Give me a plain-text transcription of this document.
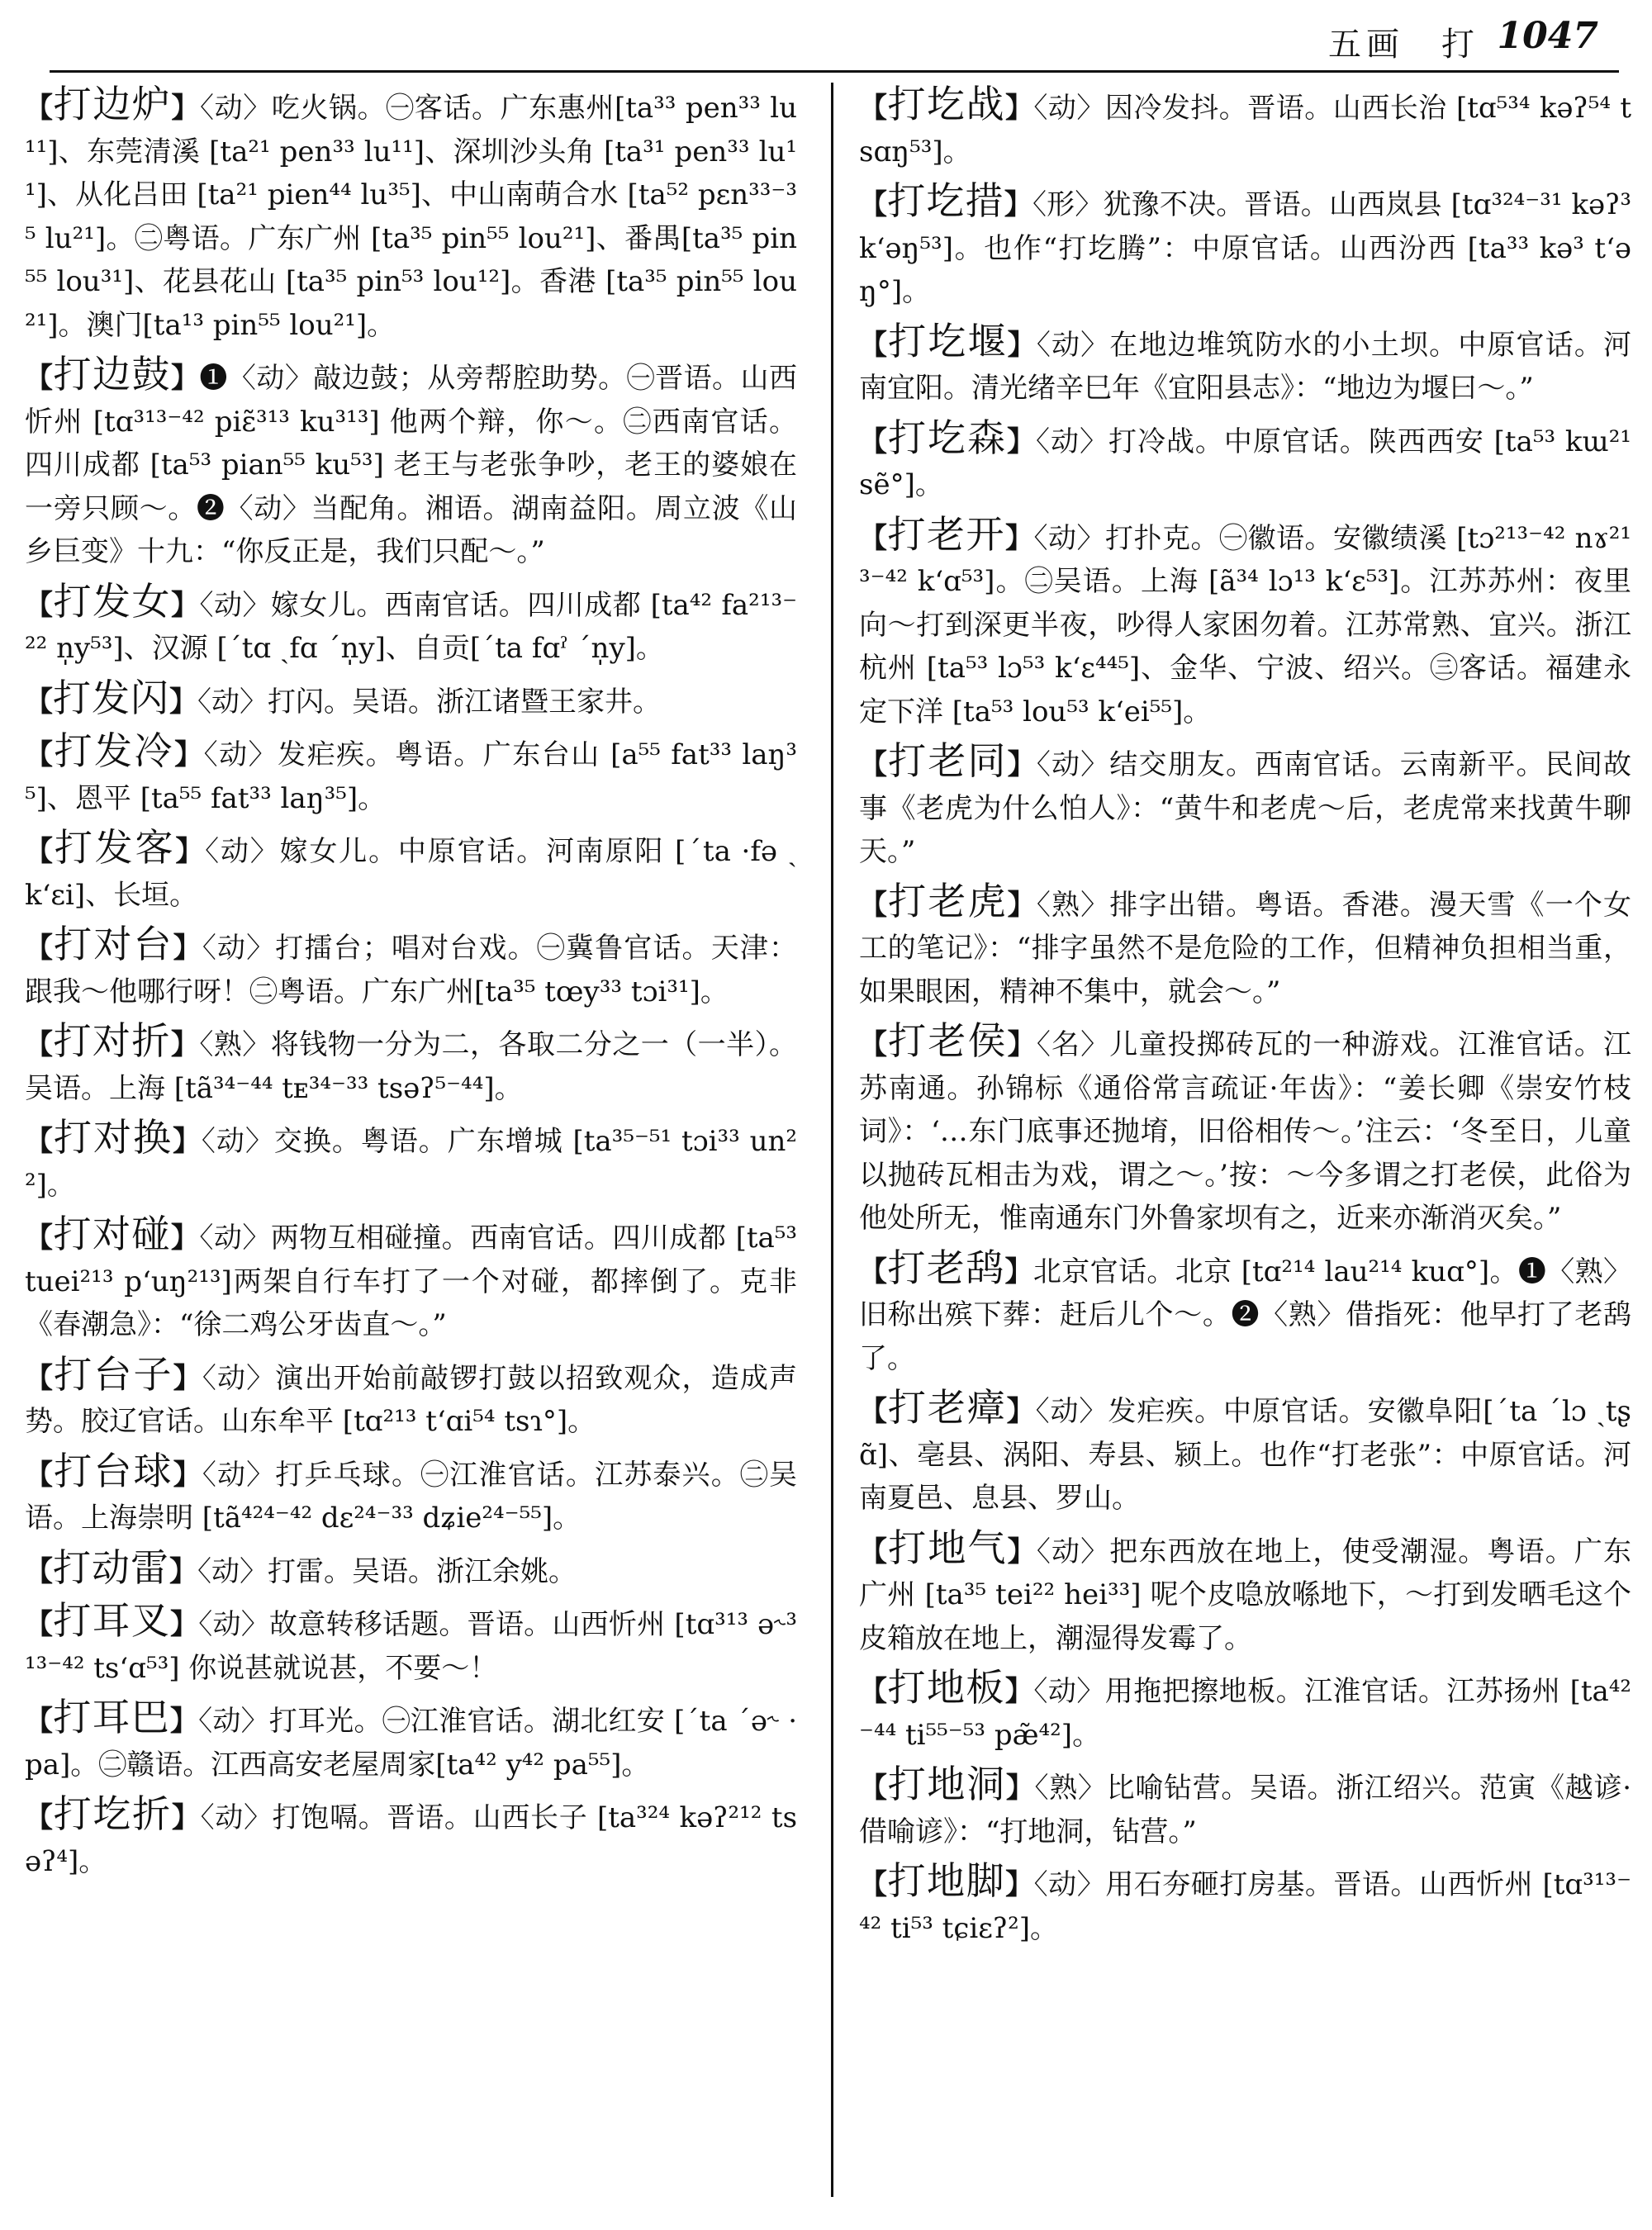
五画 打 1047

【打边炉】〈动〉吃火锅。㊀客话。广东惠州[ta³³ pen³³ lu¹¹]、东莞清溪 [ta²¹ pen³³ lu¹¹]、深圳沙头角 [ta³¹ pen³³ lu¹¹]、从化吕田 [ta²¹ pien⁴⁴ lu³⁵]、中山南萌合水 [ta⁵² pɛn³³⁻³⁵ lu²¹]。㊁粤语。广东广州 [ta³⁵ pin⁵⁵ lou²¹]、番禺[ta³⁵ pin⁵⁵ lou³¹]、花县花山 [ta³⁵ pin⁵³ lou¹²]。香港 [ta³⁵ pin⁵⁵ lou²¹]。澳门[ta¹³ pin⁵⁵ lou²¹]。

【打边鼓】❶〈动〉敲边鼓；从旁帮腔助势。㊀晋语。山西忻州 [tɑ³¹³⁻⁴² piɛ̃³¹³ ku³¹³] 他两个辩，你～。㊁西南官话。四川成都 [ta⁵³ pian⁵⁵ ku⁵³] 老王与老张争吵，老王的婆娘在一旁只顾～。❷〈动〉当配角。湘语。湖南益阳。周立波《山乡巨变》十九：“你反正是，我们只配～。”

【打发女】〈动〉嫁女儿。西南官话。四川成都 [ta⁴² fa²¹³⁻²² n̩y⁵³]、汉源 [ˊtɑ ˏfɑ ˊn̩y]、自贡[ˊta fɑˀ ˊn̩y]。

【打发闪】〈动〉打闪。吴语。浙江诸暨王家井。

【打发冷】〈动〉发疟疾。粤语。广东台山 [a⁵⁵ fat³³ laŋ³⁵]、恩平 [ta⁵⁵ fat³³ laŋ³⁵]。

【打发客】〈动〉嫁女儿。中原官话。河南原阳 [ˊta ·fə ˏk‘ɛi]、长垣。

【打对台】〈动〉打擂台；唱对台戏。㊀冀鲁官话。天津：跟我～他哪行呀！㊁粤语。广东广州[ta³⁵ tœy³³ tɔi³¹]。

【打对折】〈熟〉将钱物一分为二，各取二分之一（一半）。吴语。上海 [tã³⁴⁻⁴⁴ tᴇ³⁴⁻³³ tsəʔ⁵⁻⁴⁴]。

【打对换】〈动〉交换。粤语。广东增城 [ta³⁵⁻⁵¹ tɔi³³ un²²]。

【打对碰】〈动〉两物互相碰撞。西南官话。四川成都 [ta⁵³ tuei²¹³ p‘uŋ²¹³]两架自行车打了一个对碰，都摔倒了。克非《春潮急》：“徐二鸡公牙齿直～。”

【打台子】〈动〉演出开始前敲锣打鼓以招致观众，造成声势。胶辽官话。山东牟平 [tɑ²¹³ t‘ɑi⁵⁴ tsɿ°]。

【打台球】〈动〉打乒乓球。㊀江淮官话。江苏泰兴。㊁吴语。上海崇明 [tã⁴²⁴⁻⁴² dɛ²⁴⁻³³ dʑie²⁴⁻⁵⁵]。

【打动雷】〈动〉打雷。吴语。浙江余姚。

【打耳叉】〈动〉故意转移话题。晋语。山西忻州 [tɑ³¹³ ə˞³¹³⁻⁴² ts‘ɑ⁵³] 你说甚就说甚，不要～！

【打耳巴】〈动〉打耳光。㊀江淮官话。湖北红安 [ˊta ˊə˞ ·pa]。㊁赣语。江西高安老屋周家[ta⁴² y⁴² pa⁵⁵]。

【打圪折】〈动〉打饱嗝。晋语。山西长子 [ta³²⁴ kəʔ²¹² tsəʔ⁴]。

【打圪战】〈动〉因冷发抖。晋语。山西长治 [tɑ⁵³⁴ kəʔ⁵⁴ tsɑŋ⁵³]。

【打圪措】〈形〉犹豫不决。晋语。山西岚县 [tɑ³²⁴⁻³¹ kəʔ³ k‘əŋ⁵³]。也作“打圪腾”：中原官话。山西汾西 [ta³³ kə³ t‘əŋ°]。

【打圪堰】〈动〉在地边堆筑防水的小土坝。中原官话。河南宜阳。清光绪辛巳年《宜阳县志》：“地边为堰曰～。”

【打圪森】〈动〉打冷战。中原官话。陕西西安 [ta⁵³ kɯ²¹ sẽ°]。

【打老开】〈动〉打扑克。㊀徽语。安徽绩溪 [tɔ²¹³⁻⁴² nɤ²¹³⁻⁴² k‘ɑ⁵³]。㊁吴语。上海 [ã³⁴ lɔ¹³ k‘ɛ⁵³]。江苏苏州：夜里向～打到深更半夜，吵得人家困勿着。江苏常熟、宜兴。浙江杭州 [ta⁵³ lɔ⁵³ k‘ɛ⁴⁴⁵]、金华、宁波、绍兴。㊂客话。福建永定下洋 [ta⁵³ lou⁵³ k‘ei⁵⁵]。

【打老同】〈动〉结交朋友。西南官话。云南新平。民间故事《老虎为什么怕人》：“黄牛和老虎～后，老虎常来找黄牛聊天。”

【打老虎】〈熟〉排字出错。粤语。香港。漫天雪《一个女工的笔记》：“排字虽然不是危险的工作，但精神负担相当重，如果眼困，精神不集中，就会～。”

【打老侯】〈名〉儿童投掷砖瓦的一种游戏。江淮官话。江苏南通。孙锦标《通俗常言疏证·年齿》：“姜长卿《崇安竹枝词》：‘…东门底事还抛堉，旧俗相传～。’注云：‘冬至日，儿童以抛砖瓦相击为戏，谓之～。’按：～今多谓之打老侯，此俗为他处所无，惟南通东门外鲁家坝有之，近来亦渐消灭矣。”

【打老鸹】北京官话。北京 [tɑ²¹⁴ lau²¹⁴ kuɑ°]。❶〈熟〉旧称出殡下葬：赶后儿个～。❷〈熟〉借指死：他早打了老鸹了。

【打老瘴】〈动〉发疟疾。中原官话。安徽阜阳[ˊta ˊlɔ ˏtʂɑ̃]、亳县、涡阳、寿县、颍上。也作“打老张”：中原官话。河南夏邑、息县、罗山。

【打地气】〈动〉把东西放在地上，使受潮湿。粤语。广东广州 [ta³⁵ tei²² hei³³] 呢个皮喼放喺地下，～打到发晒毛这个皮箱放在地上，潮湿得发霉了。

【打地板】〈动〉用拖把擦地板。江淮官话。江苏扬州 [ta⁴²⁻⁴⁴ ti⁵⁵⁻⁵³ pæ̃⁴²]。

【打地洞】〈熟〉比喻钻营。吴语。浙江绍兴。范寅《越谚·借喻谚》：“打地洞，钻营。”

【打地脚】〈动〉用石夯砸打房基。晋语。山西忻州 [tɑ³¹³⁻⁴² ti⁵³ tɕiɛʔ²]。
